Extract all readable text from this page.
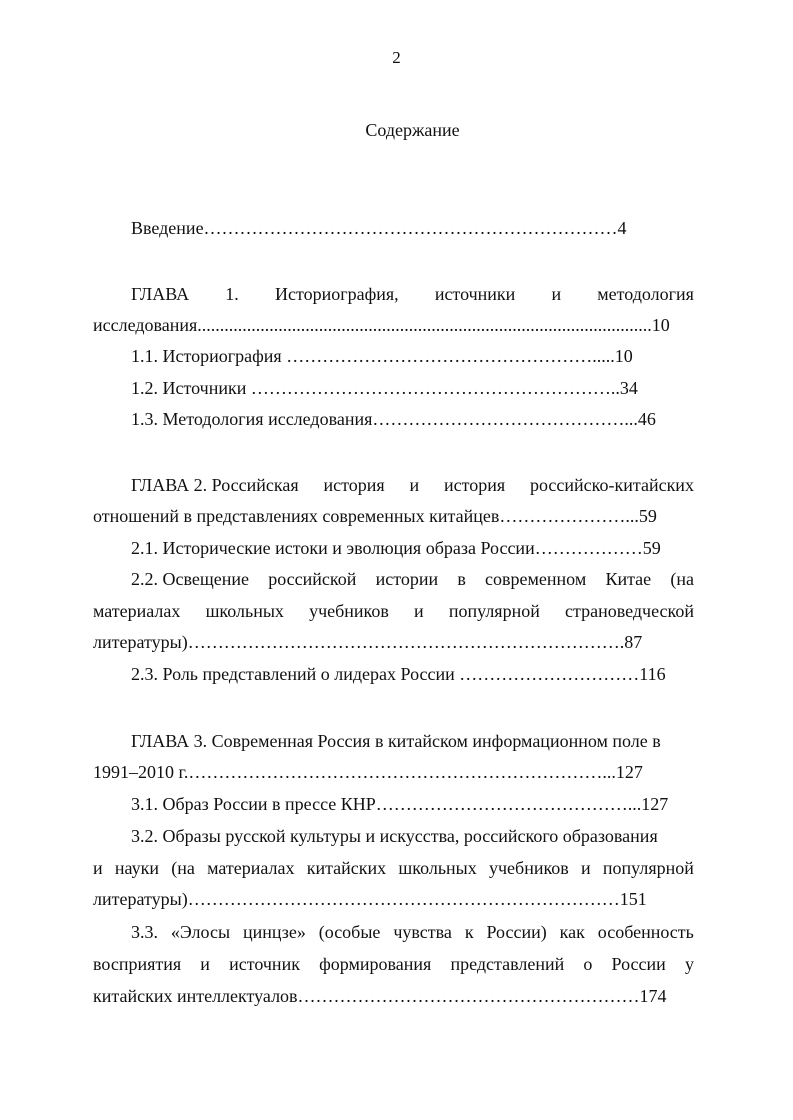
2
Содержание
Введение……………………………………………………………4
ГЛАВА 1. Историография, источники и методология
исследования.....................................................................................................10
1.1. Историография …………………………………………….....10
1.2. Источники ……………………………………………………..34
1.3. Методология исследования……………………………………...46
ГЛАВА 2. Российская история и история российско-китайских
отношений в представлениях современных китайцев…………………...59
2.1. Исторические истоки и эволюция образа России………………59
2.2. Освещение российской истории в современном Китае (на
материалах школьных учебников и популярной страноведческой
литературы)……………………………………………………………….87
2.3. Роль представлений о лидерах России …………………………116
ГЛАВА 3. Современная Россия в китайском информационном поле в
1991–2010 г.……………………………………………………………...127
3.1. Образ России в прессе КНР……………………………………...127
3.2. Образы русской культуры и искусства, российского образования
и науки (на материалах китайских школьных учебников и популярной
литературы)………………………………………………………………151
3.3. «Элосы цинцзе» (особые чувства к России) как особенность
восприятия и источник формирования представлений о России у
китайских интеллектуалов…………………………………………………174
